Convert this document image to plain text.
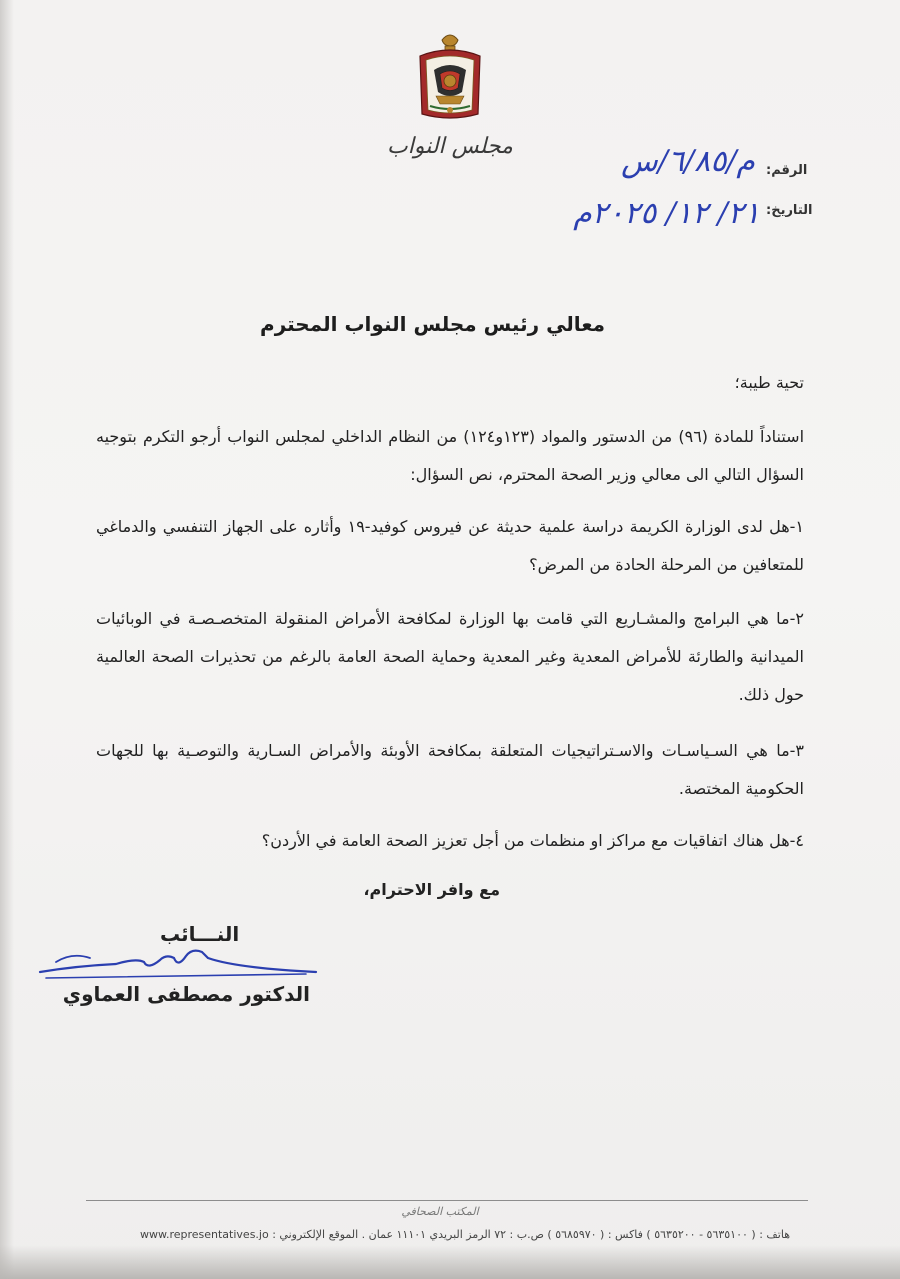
مجلس النواب
الرقم:
م/٦/٨٥/س
التاريخ:
٢١/ ١٢/ ٢٠٢٥م
معالي رئيس مجلس النواب المحترم
تحية طيبة؛
استناداً للمادة (٩٦) من الدستور والمواد (١٢٣و١٢٤) من النظام الداخلي لمجلس النواب أرجو التكرم بتوجيه السؤال التالي الى معالي وزير الصحة المحترم، نص السؤال:
١-هل لدى الوزارة الكريمة دراسة علمية حديثة عن فيروس كوفيد-١٩ وأثاره على الجهاز التنفسي والدماغي للمتعافين من المرحلة الحادة من المرض؟
٢-ما هي البرامج والمشـاريع التي قامت بها الوزارة لمكافحة الأمراض المنقولة المتخصـصـة في الوبائيات الميدانية والطارئة للأمراض المعدية وغير المعدية وحماية الصحة العامة بالرغم من تحذيرات الصحة العالمية حول ذلك.
٣-ما هي السـياسـات والاسـتراتيجيات المتعلقة بمكافحة الأوبئة والأمراض السـارية والتوصـية بها للجهات الحكومية المختصة.
٤-هل هناك اتفاقيات مع مراكز او منظمات من أجل تعزيز الصحة العامة في الأردن؟
مع وافر الاحترام،
النـــائب
الدكتور مصطفى العماوي
المكتب الصحافي
هاتف : ( ٥٦٣٥١٠٠ - ٥٦٣٥٢٠٠ ) فاكس : ( ٥٦٨٥٩٧٠ ) ص.ب : ٧٢ الرمز البريدي ١١١٠١ عمان . الموقع الإلكتروني : www.representatives.jo
